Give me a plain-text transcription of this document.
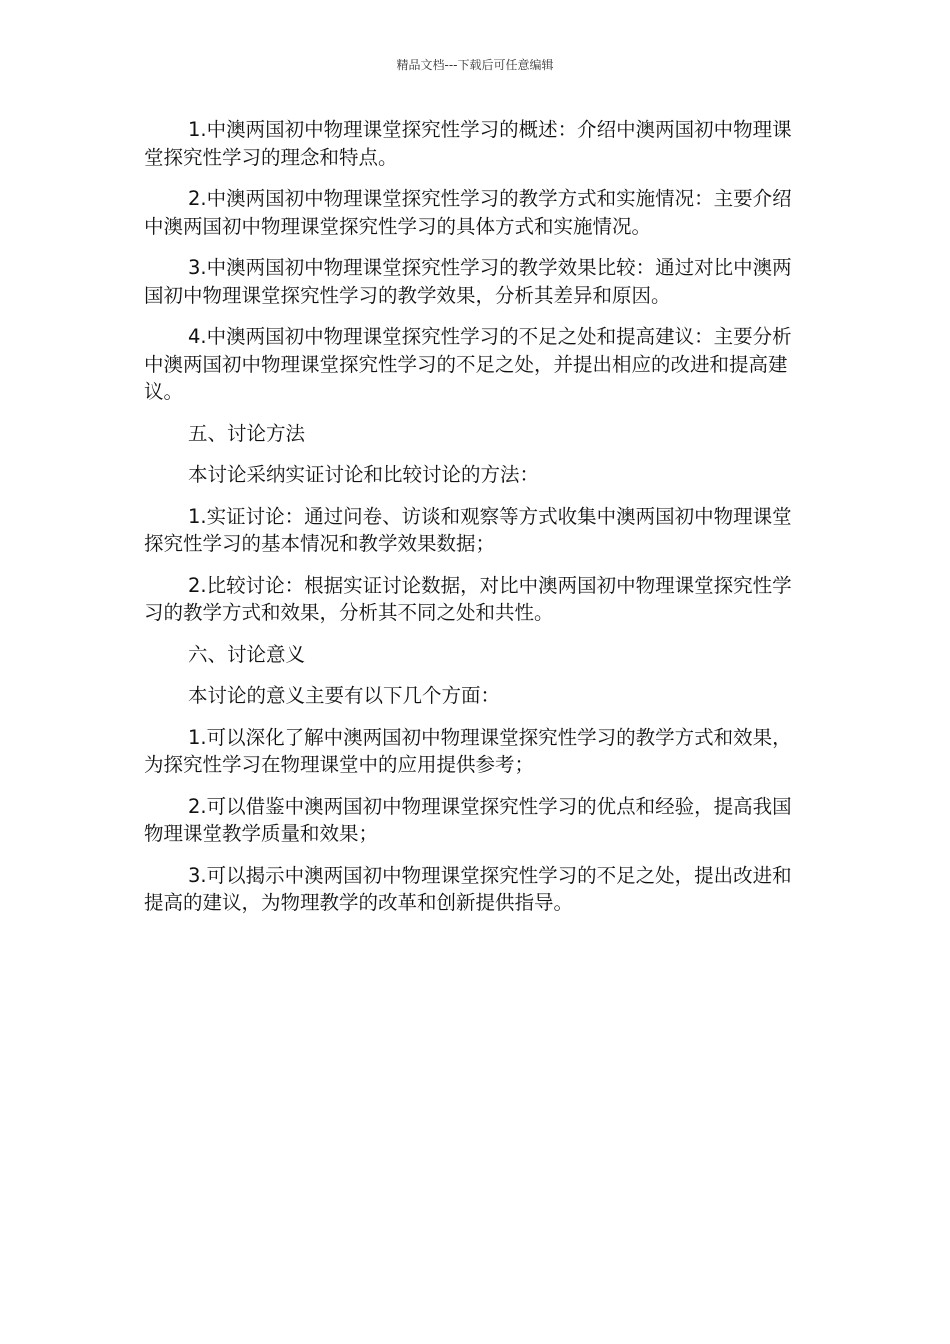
精品文档---下载后可任意编辑

1.中澳两国初中物理课堂探究性学习的概述：介绍中澳两国初中物理课堂探究性学习的理念和特点。

2.中澳两国初中物理课堂探究性学习的教学方式和实施情况：主要介绍中澳两国初中物理课堂探究性学习的具体方式和实施情况。

3.中澳两国初中物理课堂探究性学习的教学效果比较：通过对比中澳两国初中物理课堂探究性学习的教学效果，分析其差异和原因。

4.中澳两国初中物理课堂探究性学习的不足之处和提高建议：主要分析中澳两国初中物理课堂探究性学习的不足之处，并提出相应的改进和提高建议。

五、讨论方法

本讨论采纳实证讨论和比较讨论的方法：

1.实证讨论：通过问卷、访谈和观察等方式收集中澳两国初中物理课堂探究性学习的基本情况和教学效果数据；

2.比较讨论：根据实证讨论数据，对比中澳两国初中物理课堂探究性学习的教学方式和效果，分析其不同之处和共性。

六、讨论意义

本讨论的意义主要有以下几个方面：

1.可以深化了解中澳两国初中物理课堂探究性学习的教学方式和效果，为探究性学习在物理课堂中的应用提供参考；

2.可以借鉴中澳两国初中物理课堂探究性学习的优点和经验，提高我国物理课堂教学质量和效果；

3.可以揭示中澳两国初中物理课堂探究性学习的不足之处，提出改进和提高的建议，为物理教学的改革和创新提供指导。
